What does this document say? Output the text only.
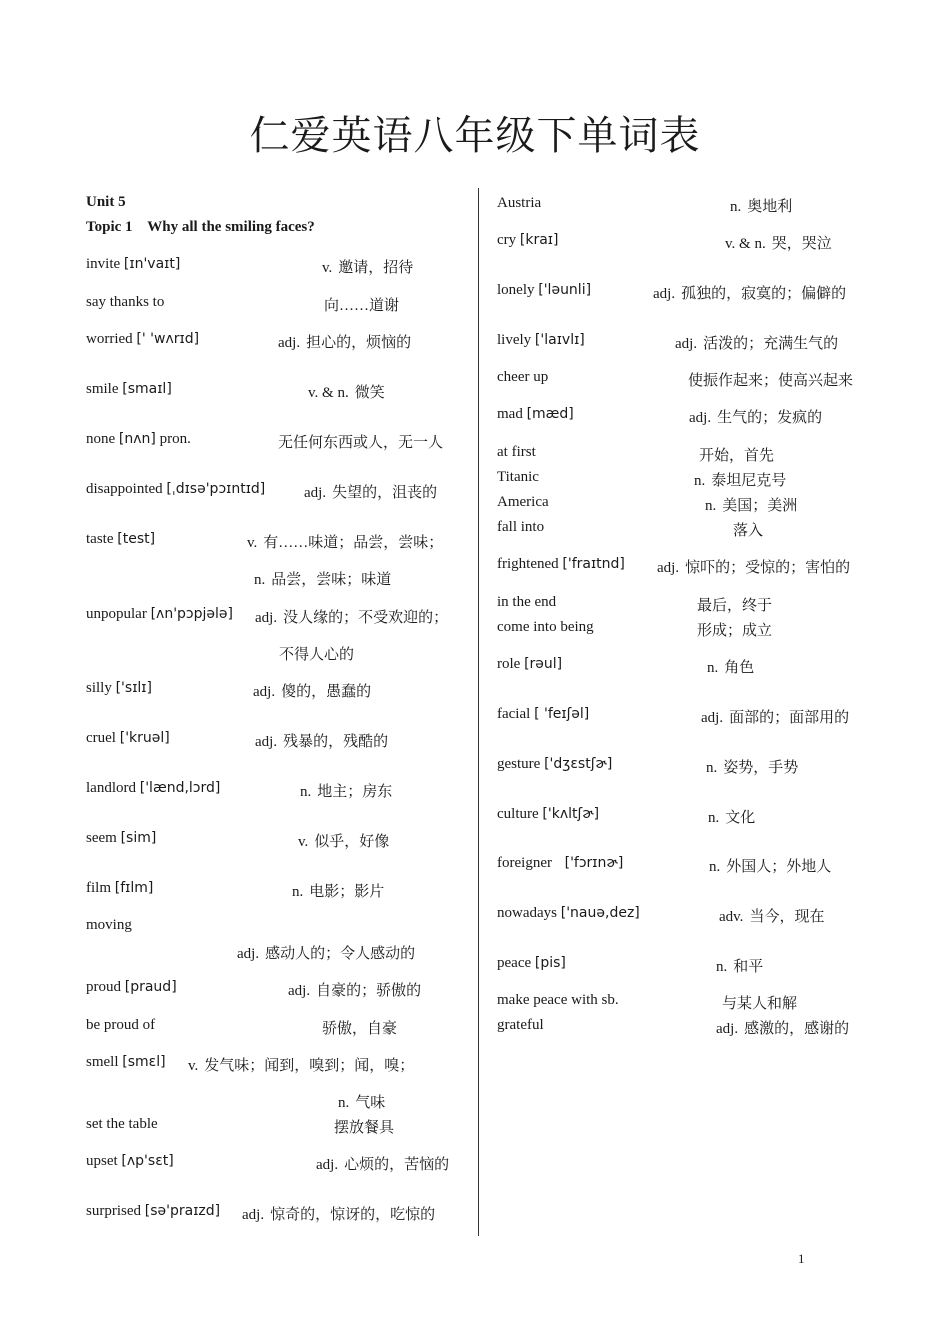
仁爱英语八年级下单词表
Unit 5
Topic 1    Why all the smiling faces?
invite [ɪn'vaɪt]	v. 邀请，招待
say thanks to	向……道谢
worried [' 'wʌrɪd]	adj. 担心的，烦恼的
smile [smaɪl]	v. & n. 微笑
none [nʌn] pron.	无任何东西或人，无一人
disappointed [ˌdɪsə'pɔɪntɪd]	adj. 失望的，沮丧的
taste [test]	v. 有……味道；品尝，尝味；
n. 品尝，尝味；味道
unpopular [ʌn'pɔpjələ] adj. 没人缘的；不受欢迎的；
不得人心的
silly ['sɪlɪ]	adj. 傻的，愚蠢的
cruel ['kruəl]	adj. 残暴的，残酷的
landlord ['lænd,lɔrd]	n. 地主；房东
seem [sim]	v. 似乎，好像
film [fɪlm]	n. 电影；影片
moving
adj. 感动人的；令人感动的
proud [praud]	adj. 自豪的；骄傲的
be proud of	骄傲，自豪
smell [smɛl] v. 发气味；闻到，嗅到；闻，嗅；
n. 气味
set the table	摆放餐具
upset [ʌp'sɛt]	adj. 心烦的，苦恼的
surprised [sə'praɪzd] adj. 惊奇的，惊讶的，吃惊的
Austria	n. 奥地利
cry [kraɪ]	v. & n. 哭，哭泣
lonely ['ləunli]	adj. 孤独的，寂寞的；偏僻的
lively ['laɪvlɪ]	adj. 活泼的；充满生气的
cheer up	使振作起来；使高兴起来
mad [mæd]	adj. 生气的；发疯的
at first	开始，首先
Titanic	n. 泰坦尼克号
America	n. 美国；美洲
fall into	落入
frightened ['fraɪtnd] adj. 惊吓的；受惊的；害怕的
in the end	最后，终于
come into being	形成；成立
role [rəul]	n. 角色
facial [ 'feɪʃəl]	adj. 面部的；面部用的
gesture ['dʒɛstʃɚ]	n. 姿势，手势
culture ['kʌltʃɚ]	n. 文化
foreigner   ['fɔrɪnɚ]	n. 外国人；外地人
nowadays ['nauə,dez]	adv. 当今，现在
peace [pis]	n. 和平
make peace with sb.	与某人和解
grateful	adj. 感激的，感谢的
1
